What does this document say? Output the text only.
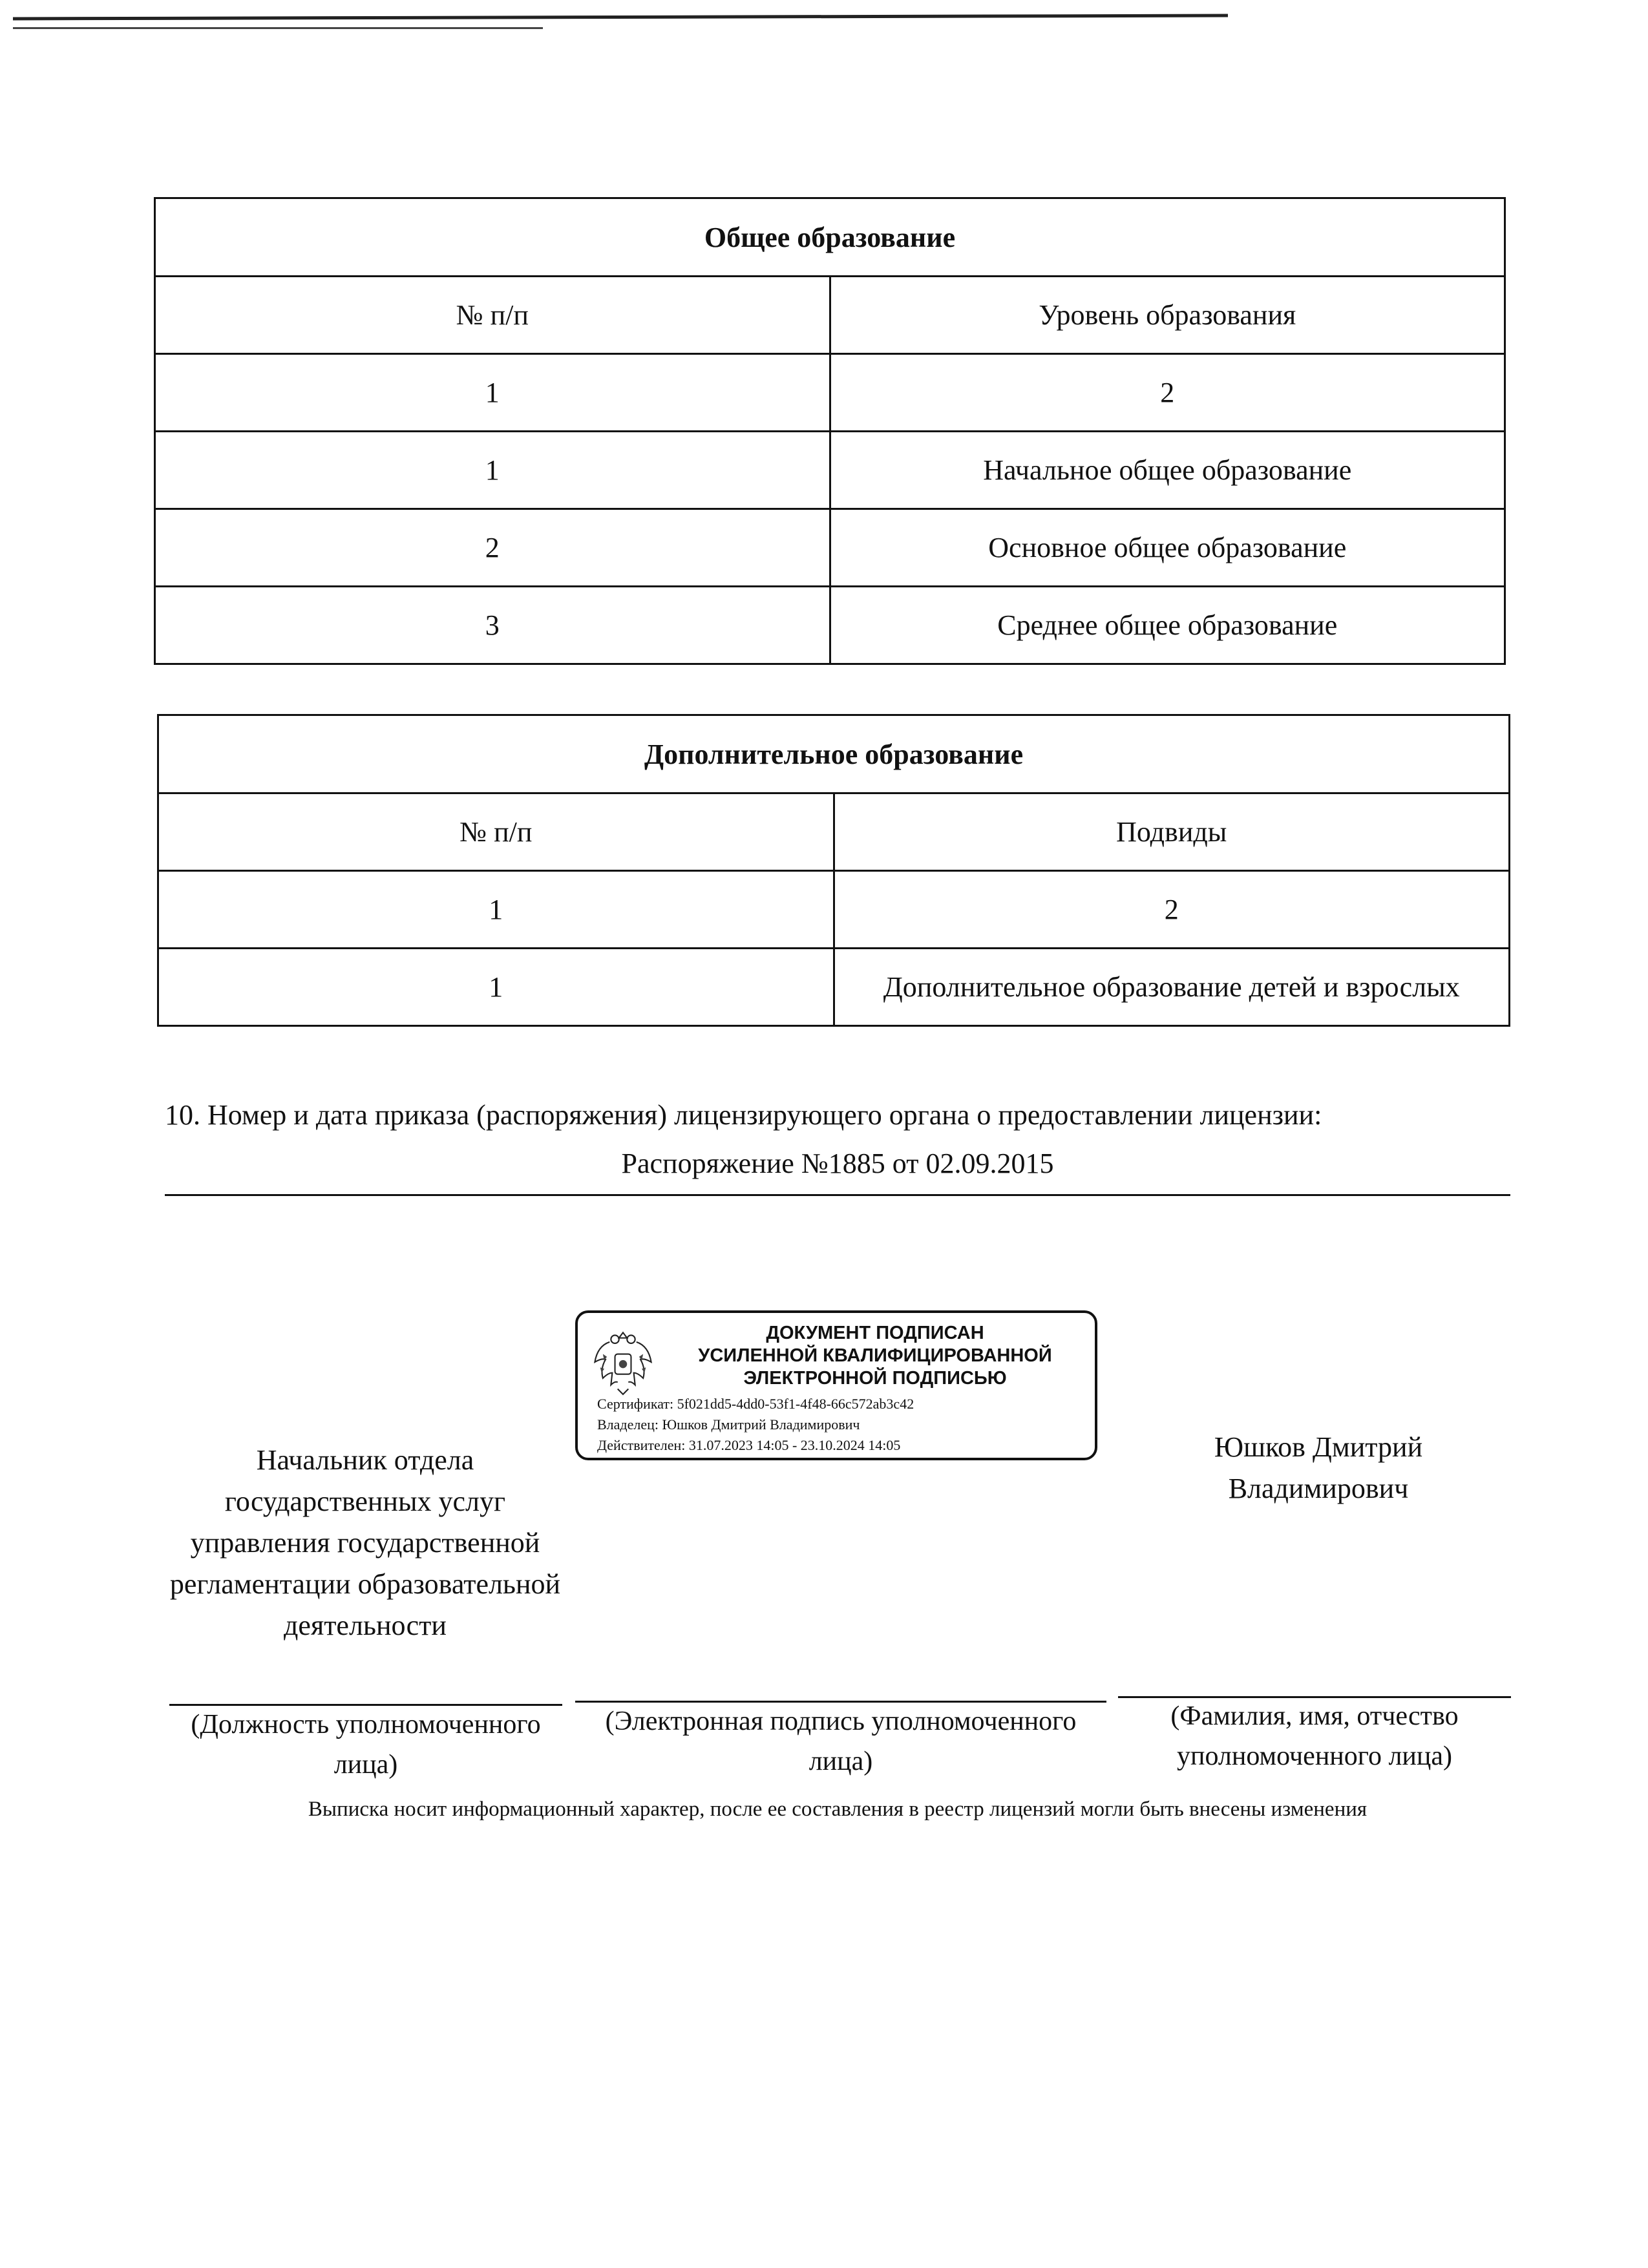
Общее образование	
№ п/п	Уровень образования
1	2
1	Начальное общее образование
2	Основное общее образование
3	Среднее общее образование
Дополнительное образование	
№ п/п	Подвиды
1	2
1	Дополнительное образование детей и взрослых
10. Номер и дата приказа (распоряжения) лицензирующего органа о предоставлении лицензии:
Распоряжение №1885 от 02.09.2015
ДОКУМЕНТ ПОДПИСАН
УСИЛЕННОЙ КВАЛИФИЦИРОВАННОЙ
ЭЛЕКТРОННОЙ ПОДПИСЬЮ
Сертификат: 5f021dd5-4dd0-53f1-4f48-66c572ab3c42
Владелец: Юшков Дмитрий Владимирович
Действителен: 31.07.2023 14:05 - 23.10.2024 14:05
Начальник отдела государственных услуг управления государственной регламентации образовательной деятельности
Юшков Дмитрий Владимирович
(Должность уполномоченного лица)
(Электронная подпись уполномоченного лица)
(Фамилия, имя, отчество уполномоченного лица)
Выписка носит информационный характер, после ее составления в реестр лицензий могли быть внесены изменения
